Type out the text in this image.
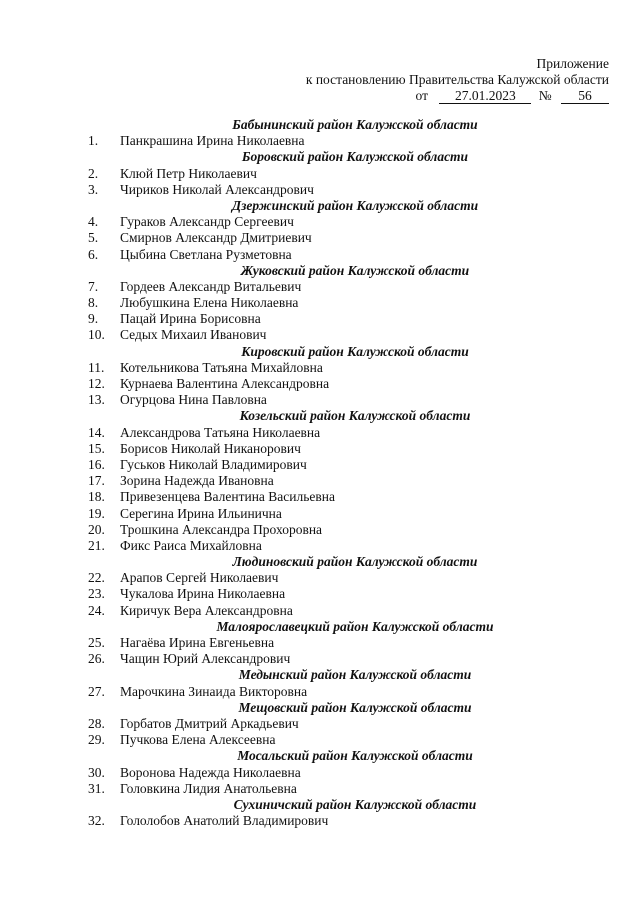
Приложение
к постановлению Правительства Калужской области
от 27.01.2023 № 56
Бабынинский район Калужской области
1. Панкрашина Ирина Николаевна
Боровский район Калужской области
2. Клюй Петр Николаевич
3. Чириков Николай Александрович
Дзержинский район Калужской области
4. Гураков Александр Сергеевич
5. Смирнов Александр Дмитриевич
6. Цыбина Светлана Рузметовна
Жуковский район Калужской области
7. Гордеев Александр Витальевич
8. Любушкина Елена Николаевна
9. Пацай Ирина Борисовна
10. Седых Михаил Иванович
Кировский район Калужской области
11. Котельникова Татьяна Михайловна
12. Курнаева Валентина Александровна
13. Огурцова Нина Павловна
Козельский район Калужской области
14. Александрова Татьяна Николаевна
15. Борисов Николай Никанорович
16. Гуськов Николай Владимирович
17. Зорина Надежда Ивановна
18. Привезенцева Валентина Васильевна
19. Серегина Ирина Ильинична
20. Трошкина Александра Прохоровна
21. Фикс Раиса Михайловна
Людиновский район Калужской области
22. Арапов Сергей Николаевич
23. Чукалова Ирина Николаевна
24. Киричук Вера Александровна
Малоярославецкий район Калужской области
25. Нагаёва Ирина Евгеньевна
26. Чащин Юрий Александрович
Медынский район Калужской области
27. Марочкина Зинаида Викторовна
Мещовский район Калужской области
28. Горбатов Дмитрий Аркадьевич
29. Пучкова Елена Алексеевна
Мосальский район Калужской области
30. Воронова Надежда Николаевна
31. Головкина Лидия Анатольевна
Сухиничский район Калужской области
32. Гололобов Анатолий Владимирович
